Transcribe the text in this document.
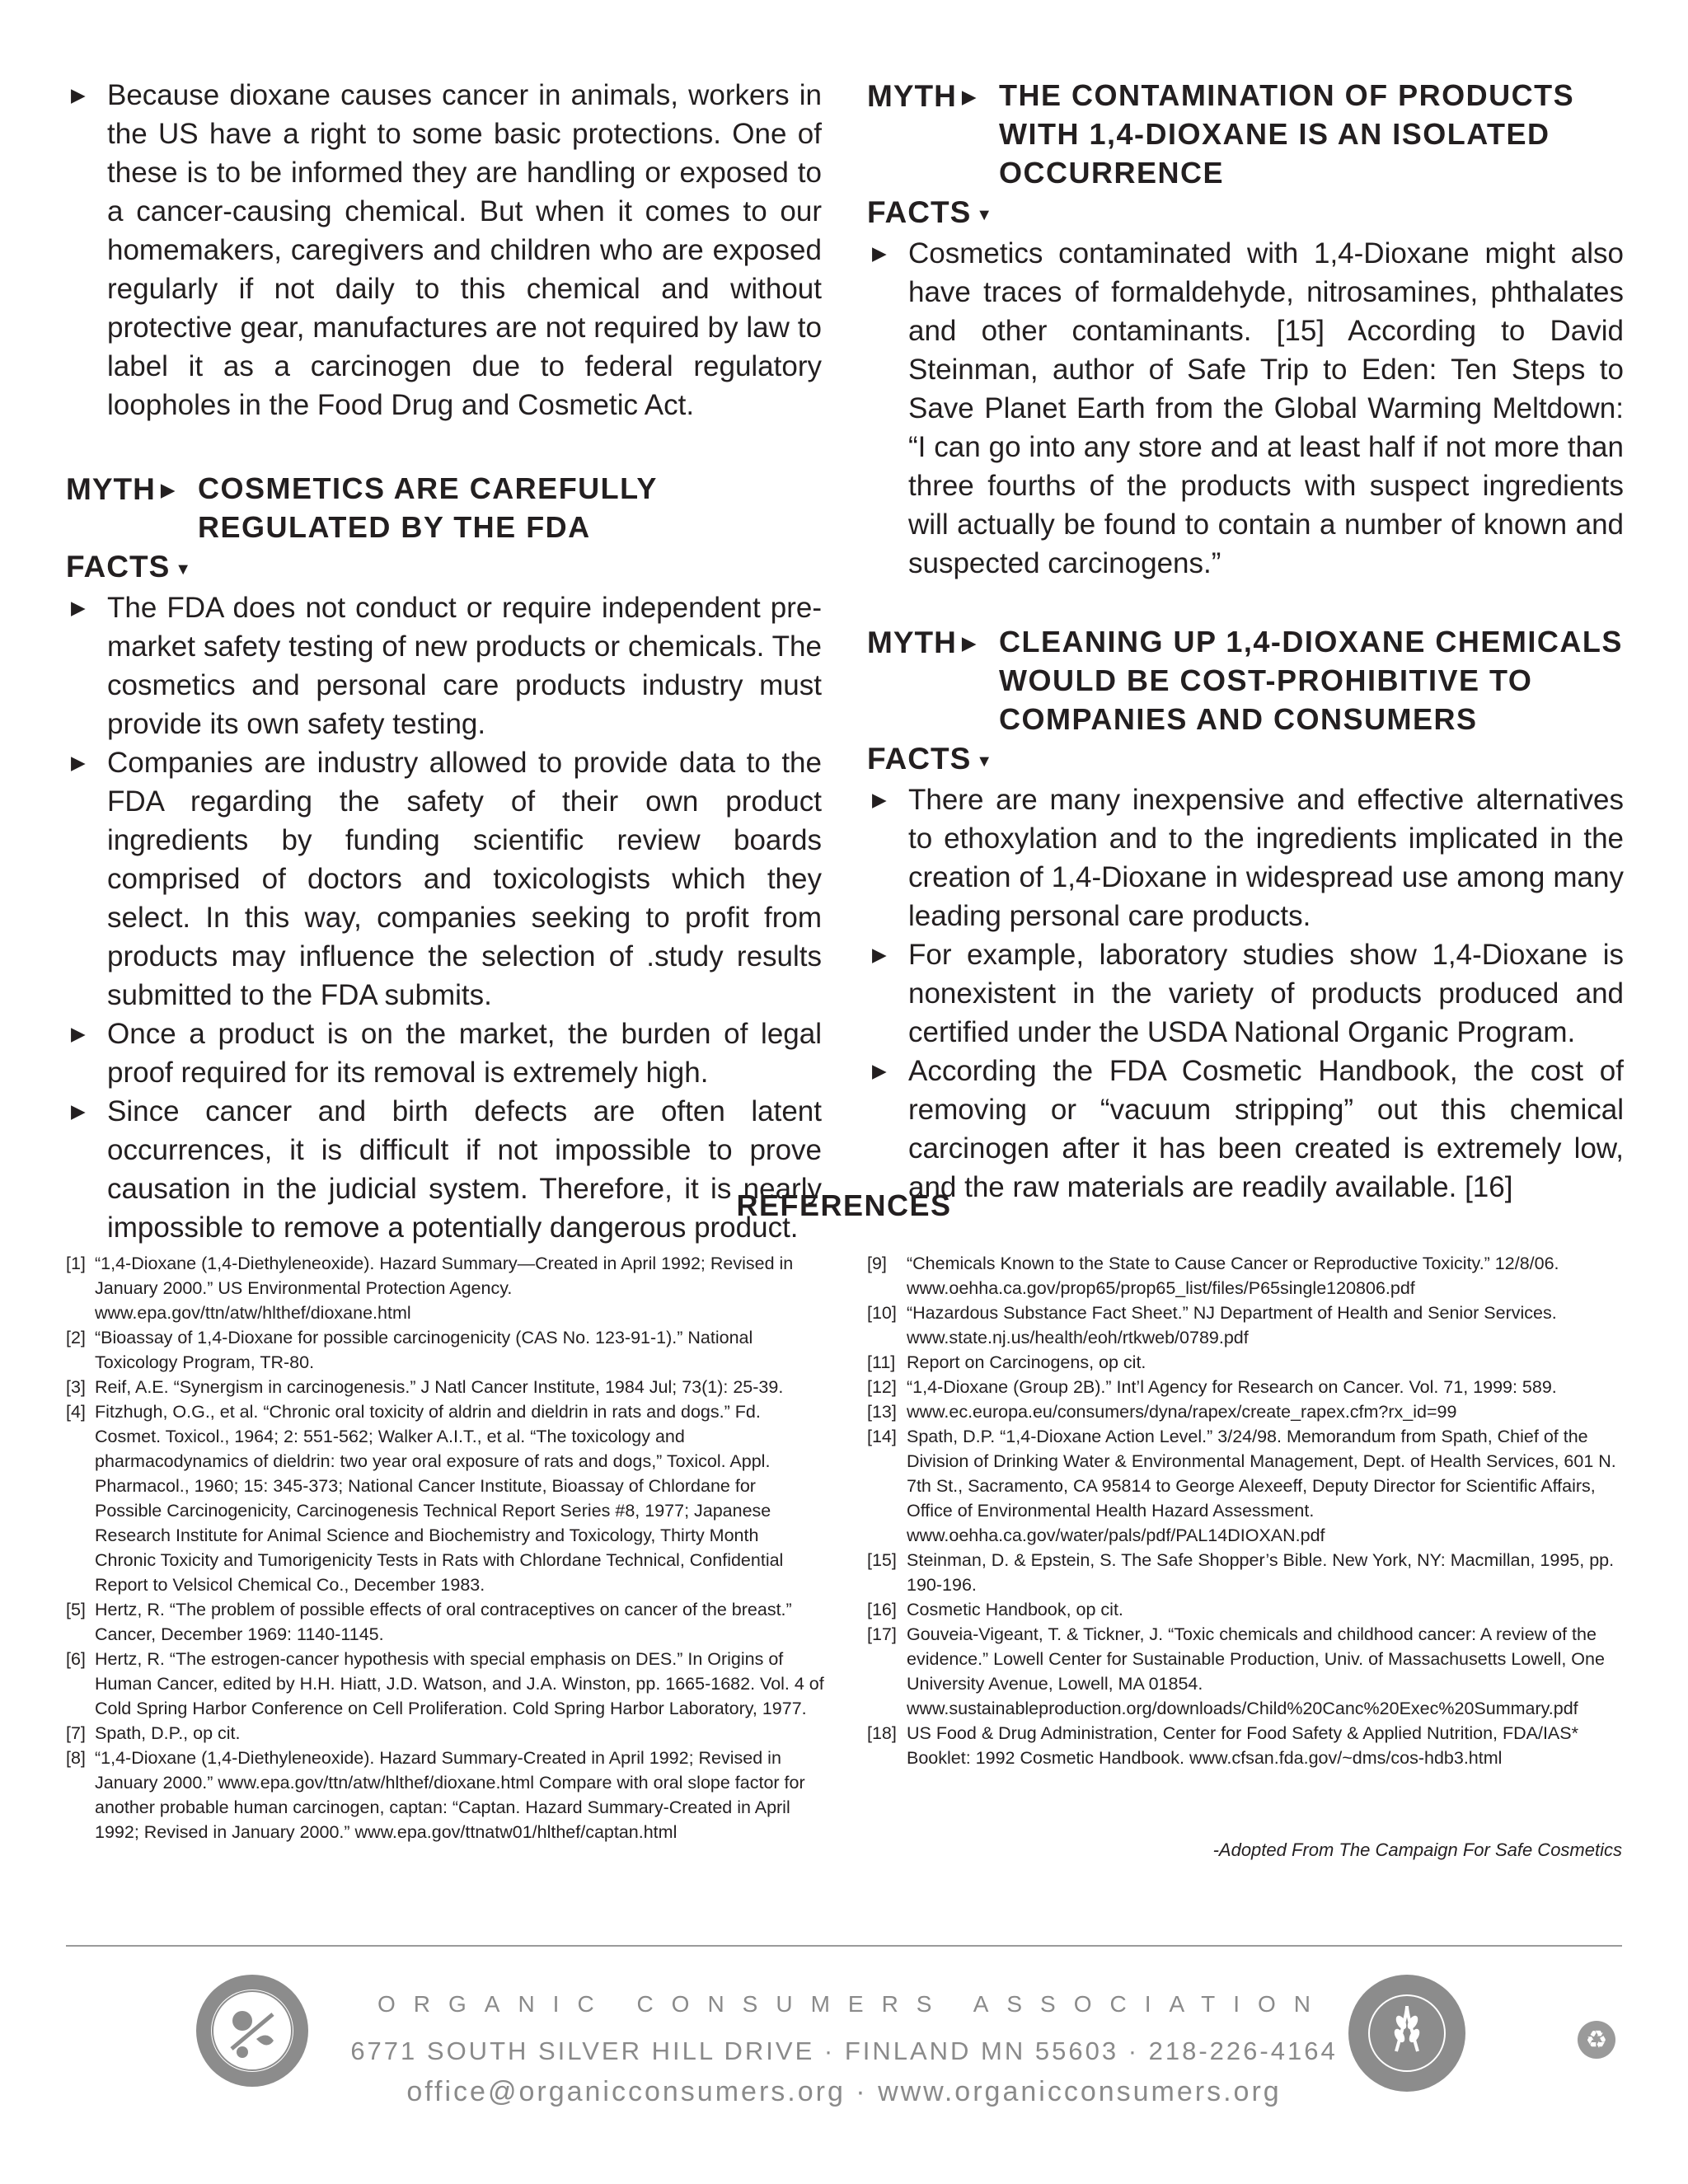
▶ Because dioxane causes cancer in animals, workers in the US have a right to some basic protections. One of these is to be informed they are handling or exposed to a cancer-causing chemical. But when it comes to our homemakers, caregivers and children who are exposed regularly if not daily to this chemical and without protective gear, manufactures are not required by law to label it as a carcinogen due to federal regulatory loopholes in the Food Drug and Cosmetic Act.
MYTH ▶ COSMETICS ARE CAREFULLY REGULATED BY THE FDA
FACTS ▼
▶ The FDA does not conduct or require independent pre-market safety testing of new products or chemicals. The cosmetics and personal care products industry must provide its own safety testing.
▶ Companies are industry allowed to provide data to the FDA regarding the safety of their own product ingredients by funding scientific review boards comprised of doctors and toxicologists which they select. In this way, companies seeking to profit from products may influence the selection of .study results submitted to the FDA submits.
▶ Once a product is on the market, the burden of legal proof required for its removal is extremely high.
▶ Since cancer and birth defects are often latent occurrences, it is difficult if not impossible to prove causation in the judicial system. Therefore, it is nearly impossible to remove a potentially dangerous product.
MYTH ▶ THE CONTAMINATION OF PRODUCTS WITH 1,4-DIOXANE IS AN ISOLATED OCCURRENCE
FACTS ▼
▶ Cosmetics contaminated with 1,4-Dioxane might also have traces of formaldehyde, nitrosamines, phthalates and other contaminants. [15] According to David Steinman, author of Safe Trip to Eden: Ten Steps to Save Planet Earth from the Global Warming Meltdown: “I can go into any store and at least half if not more than three fourths of the products with suspect ingredients will actually be found to contain a number of known and suspected carcinogens.”
MYTH ▶ CLEANING UP 1,4-DIOXANE CHEMICALS WOULD BE COST-PROHIBITIVE TO COMPANIES AND CONSUMERS
FACTS ▼
▶ There are many inexpensive and effective alternatives to ethoxylation and to the ingredients implicated in the creation of 1,4-Dioxane in widespread use among many leading personal care products.
▶ For example, laboratory studies show 1,4-Dioxane is nonexistent in the variety of products produced and certified under the USDA National Organic Program.
▶ According the FDA Cosmetic Handbook, the cost of removing or “vacuum stripping” out this chemical carcinogen after it has been created is extremely low, and the raw materials are readily available. [16]
REFERENCES
[1] “1,4-Dioxane (1,4-Diethyleneoxide). Hazard Summary—Created in April 1992; Revised in January 2000.” US Environmental Protection Agency. www.epa.gov/ttn/atw/hlthef/dioxane.html
[2] “Bioassay of 1,4-Dioxane for possible carcinogenicity (CAS No. 123-91-1).” National Toxicology Program, TR-80.
[3] Reif, A.E. “Synergism in carcinogenesis.” J Natl Cancer Institute, 1984 Jul; 73(1): 25-39.
[4] Fitzhugh, O.G., et al. “Chronic oral toxicity of aldrin and dieldrin in rats and dogs.” Fd. Cosmet. Toxicol., 1964; 2: 551-562; Walker A.I.T., et al. “The toxicology and pharmacodynamics of dieldrin: two year oral exposure of rats and dogs,” Toxicol. Appl. Pharmacol., 1960; 15: 345-373; National Cancer Institute, Bioassay of Chlordane for Possible Carcinogenicity, Carcinogenesis Technical Report Series #8, 1977; Japanese Research Institute for Animal Science and Biochemistry and Toxicology, Thirty Month Chronic Toxicity and Tumorigenicity Tests in Rats with Chlordane Technical, Confidential Report to Velsicol Chemical Co., December 1983.
[5] Hertz, R. “The problem of possible effects of oral contraceptives on cancer of the breast.” Cancer, December 1969: 1140-1145.
[6] Hertz, R. “The estrogen-cancer hypothesis with special emphasis on DES.” In Origins of Human Cancer, edited by H.H. Hiatt, J.D. Watson, and J.A. Winston, pp. 1665-1682. Vol. 4 of Cold Spring Harbor Conference on Cell Proliferation. Cold Spring Harbor Laboratory, 1977.
[7] Spath, D.P., op cit.
[8] “1,4-Dioxane (1,4-Diethyleneoxide). Hazard Summary-Created in April 1992; Revised in January 2000.” www.epa.gov/ttn/atw/hlthef/dioxane.html Compare with oral slope factor for another probable human carcinogen, captan: “Captan. Hazard Summary-Created in April 1992; Revised in January 2000.” www.epa.gov/ttnatw01/hlthef/captan.html
[9] “Chemicals Known to the State to Cause Cancer or Reproductive Toxicity.” 12/8/06. www.oehha.ca.gov/prop65/prop65_list/files/P65single120806.pdf
[10] “Hazardous Substance Fact Sheet.” NJ Department of Health and Senior Services. www.state.nj.us/health/eoh/rtkweb/0789.pdf
[11] Report on Carcinogens, op cit.
[12] “1,4-Dioxane (Group 2B).” Int’l Agency for Research on Cancer. Vol. 71, 1999: 589.
[13] www.ec.europa.eu/consumers/dyna/rapex/create_rapex.cfm?rx_id=99
[14] Spath, D.P. “1,4-Dioxane Action Level.” 3/24/98. Memorandum from Spath, Chief of the Division of Drinking Water & Environmental Management, Dept. of Health Services, 601 N. 7th St., Sacramento, CA 95814 to George Alexeeff, Deputy Director for Scientific Affairs, Office of Environmental Health Hazard Assessment. www.oehha.ca.gov/water/pals/pdf/PAL14DIOXAN.pdf
[15] Steinman, D. & Epstein, S. The Safe Shopper’s Bible. New York, NY: Macmillan, 1995, pp. 190-196.
[16] Cosmetic Handbook, op cit.
[17] Gouveia-Vigeant, T. & Tickner, J. “Toxic chemicals and childhood cancer: A review of the evidence.” Lowell Center for Sustainable Production, Univ. of Massachusetts Lowell, One University Avenue, Lowell, MA 01854. www.sustainableproduction.org/downloads/Child%20Canc%20Exec%20Summary.pdf
[18] US Food & Drug Administration, Center for Food Safety & Applied Nutrition, FDA/IAS* Booklet: 1992 Cosmetic Handbook. www.cfsan.fda.gov/~dms/cos-hdb3.html
-Adopted From The Campaign For Safe Cosmetics
ORGANIC CONSUMERS ASSOCIATION
6771 SOUTH SILVER HILL DRIVE · FINLAND MN 55603 · 218-226-4164
office@organicconsumers.org · www.organicconsumers.org
♻
